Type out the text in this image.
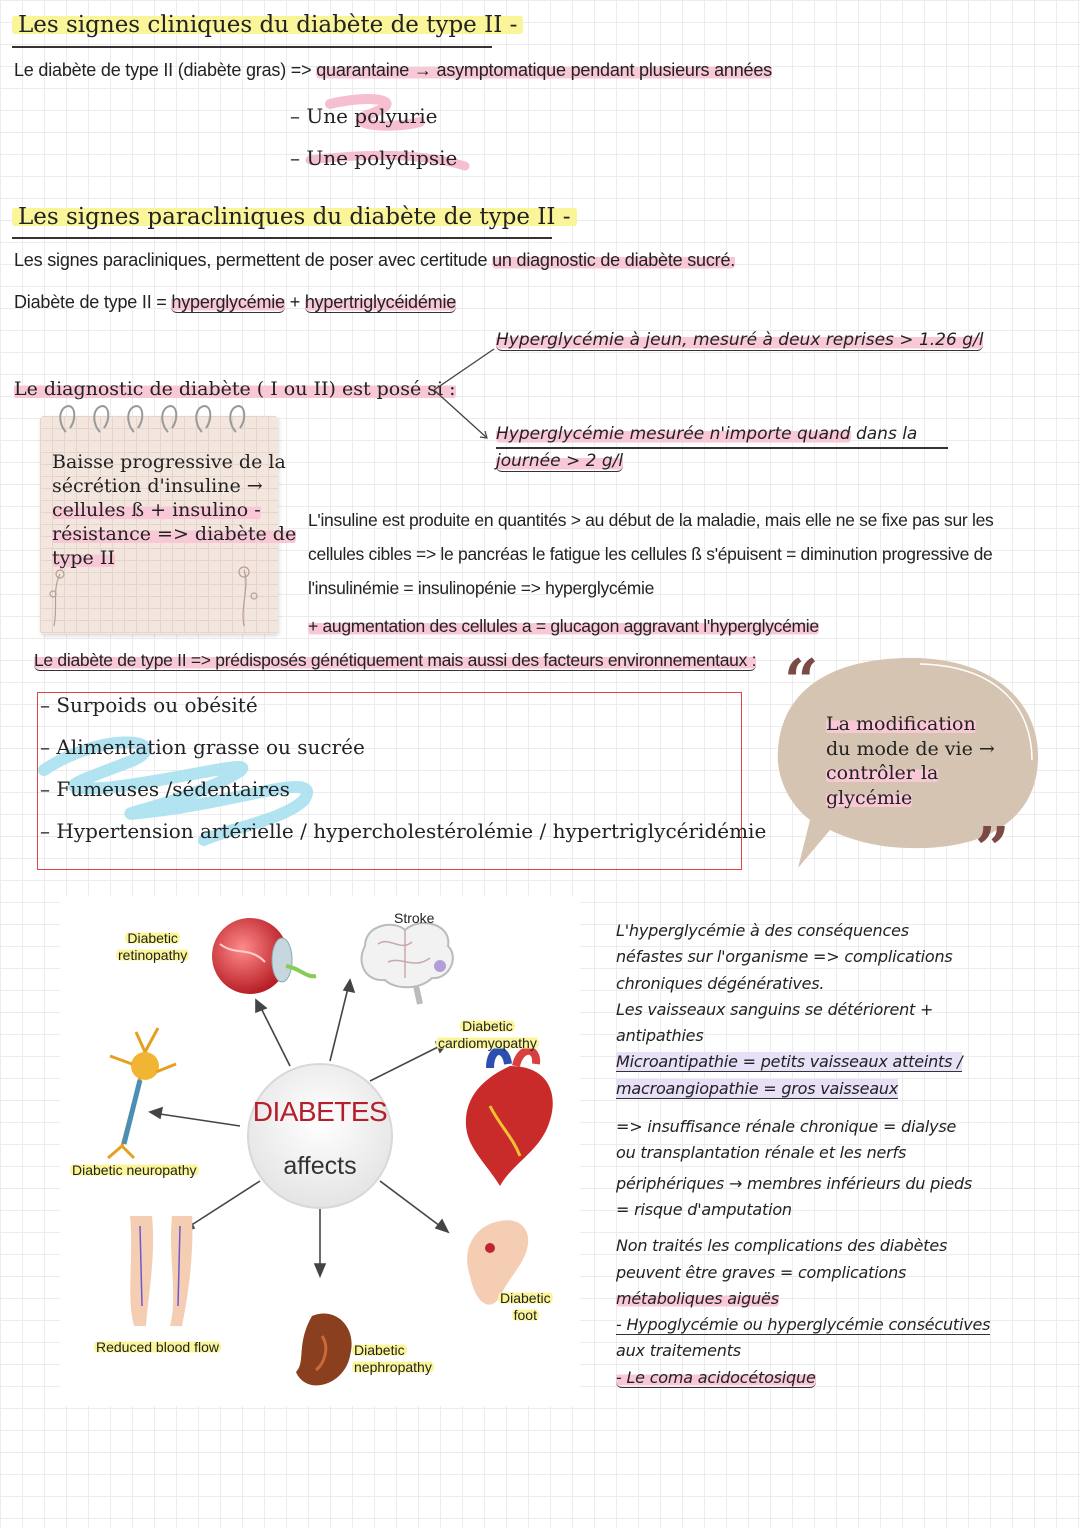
Les signes cliniques du diabète de type II -
Le diabète de type II (diabète gras) => quarantaine → asymptomatique pendant plusieurs années
– Une polyurie
– Une polydipsie
Les signes paracliniques du diabète de type II -
Les signes paracliniques, permettent de poser avec certitude un diagnostic de diabète sucré.
Diabète de type II = hyperglycémie + hypertriglycéidémie
Hyperglycémie à jeun, mesuré à deux reprises > 1.26 g/l
Le diagnostic de diabète ( I ou II) est posé si :
Hyperglycémie mesurée n'importe quand dans la
journée > 2 g/l
Baisse progressive de la
sécrétion d'insuline →
cellules ß + insulino -
résistance => diabète de
type II
L'insuline est produite en quantités > au début de la maladie, mais elle ne se fixe pas sur les
cellules cibles => le pancréas le fatigue les cellules ß s'épuisent = diminution progressive de
l'insulinémie = insulinopénie => hyperglycémie
+ augmentation des cellules a = glucagon aggravant l'hyperglycémie
Le diabète de type II => prédisposés génétiquement mais aussi des facteurs environnementaux :
– Surpoids ou obésité
– Alimentation grasse ou sucrée
– Fumeuses /sédentaires
– Hypertension artérielle / hypercholestérolémie / hypertriglycéridémie
“
”
La modification
du mode de vie →
contrôler la
glycémie
DIABETES
affects
Diabetic
retinopathy
Stroke
Diabetic
cardiomyopathy
Diabetic neuropathy
Reduced blood flow	Diabetic
nephropathy
Diabetic
foot
L'hyperglycémie à des conséquences
néfastes sur l'organisme => complications
chroniques dégénératives.
Les vaisseaux sanguins se détériorent +
antipathies
Microantipathie = petits vaisseaux atteints /
macroangiopathie = gros vaisseaux
=> insuffisance rénale chronique = dialyse
ou transplantation rénale et les nerfs
périphériques → membres inférieurs du pieds
= risque d'amputation
Non traités les complications des diabètes
peuvent être graves = complications
métaboliques aiguës
- Hypoglycémie ou hyperglycémie consécutives
aux traitements
- Le coma acidocétosique
